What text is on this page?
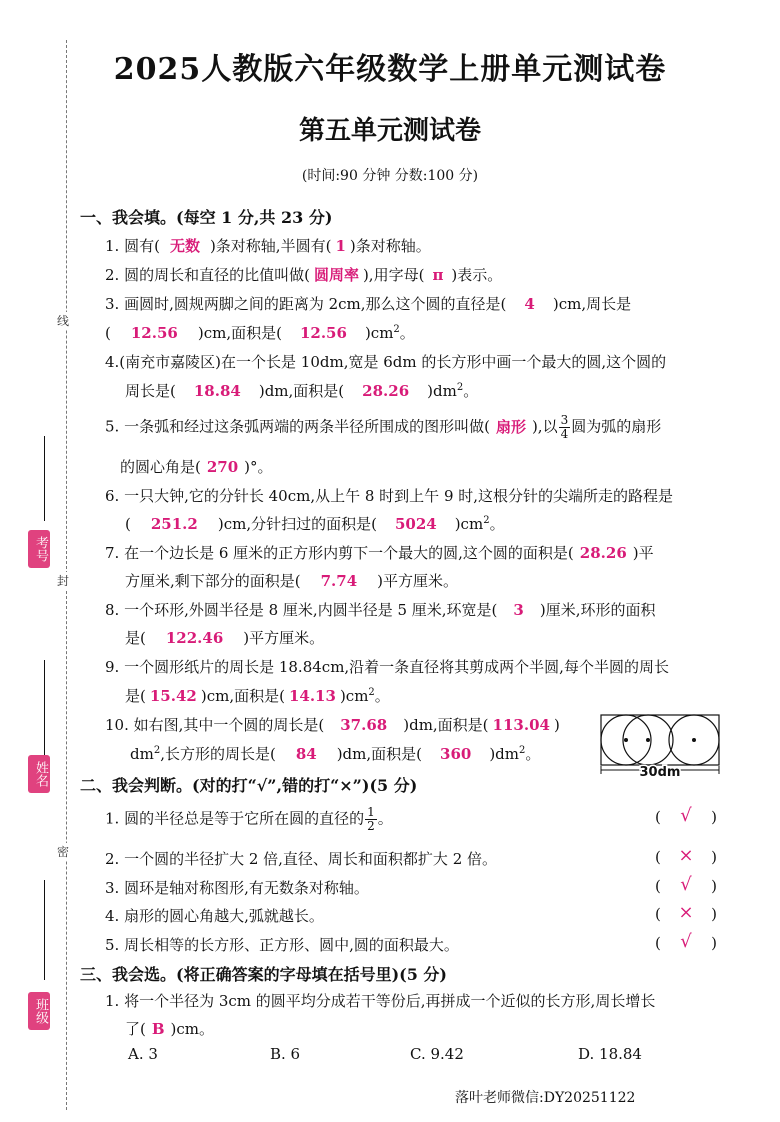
线
封
密
考号
姓名
班级
2025人教版六年级数学上册单元测试卷
第五单元测试卷
(时间:90 分钟 分数:100 分)
一、我会填。(每空 1 分,共 23 分)
1. 圆有( 无数 )条对称轴,半圆有( 1 )条对称轴。
2. 圆的周长和直径的比值叫做( 圆周率 ),用字母( π )表示。
3. 画圆时,圆规两脚之间的距离为 2cm,那么这个圆的直径是( 4 )cm,周长是
( 12.56 )cm,面积是( 12.56 )$cm^2$。
4.(南充市嘉陵区)在一个长是 10dm,宽是 6dm 的长方形中画一个最大的圆,这个圆的
周长是( 18.84 )dm,面积是( 28.26 )$dm^2$。
5. 一条弧和经过这条弧两端的两条半径所围成的图形叫做( 扇形 ),以 $\frac{3}{4}$ 圆为弧的扇形
的圆心角是( 270 )°。
6. 一只大钟,它的分针长 40cm,从上午 8 时到上午 9 时,这根分针的尖端所走的路程是
( 251.2 )cm,分针扫过的面积是( 5024 )$cm^2$。
7. 在一个边长是 6 厘米的正方形内剪下一个最大的圆,这个圆的面积是( 28.26 )平
方厘米,剩下部分的面积是( 7.74 )平方厘米。
8. 一个环形,外圆半径是 8 厘米,内圆半径是 5 厘米,环宽是( 3 )厘米,环形的面积
是( 122.46 )平方厘米。
9. 一个圆形纸片的周长是 18.84cm,沿着一条直径将其剪成两个半圆,每个半圆的周长
是( 15.42 )cm,面积是( 14.13 )$cm^2$。
10. 如右图,其中一个圆的周长是( 37.68 )dm,面积是( 113.04 )
$dm^2$,长方形的周长是( 84 )dm,面积是( 360 )$dm^2$。
30dm
二、我会判断。(对的打“√”,错的打“×”)(5 分)
1. 圆的半径总是等于它所在圆的直径的 $\frac{1}{2}$ 。	( √ )
2. 一个圆的半径扩大 2 倍,直径、周长和面积都扩大 2 倍。	( × )
3. 圆环是轴对称图形,有无数条对称轴。	( √ )
4. 扇形的圆心角越大,弧就越长。	( × )
5. 周长相等的长方形、正方形、圆中,圆的面积最大。	( √ )
三、我会选。(将正确答案的字母填在括号里)(5 分)
1. 将一个半径为 3cm 的圆平均分成若干等份后,再拼成一个近似的长方形,周长增长
了( B )cm。
A. 3	B. 6	C. 9.42	D. 18.84
落叶老师微信:DY20251122
